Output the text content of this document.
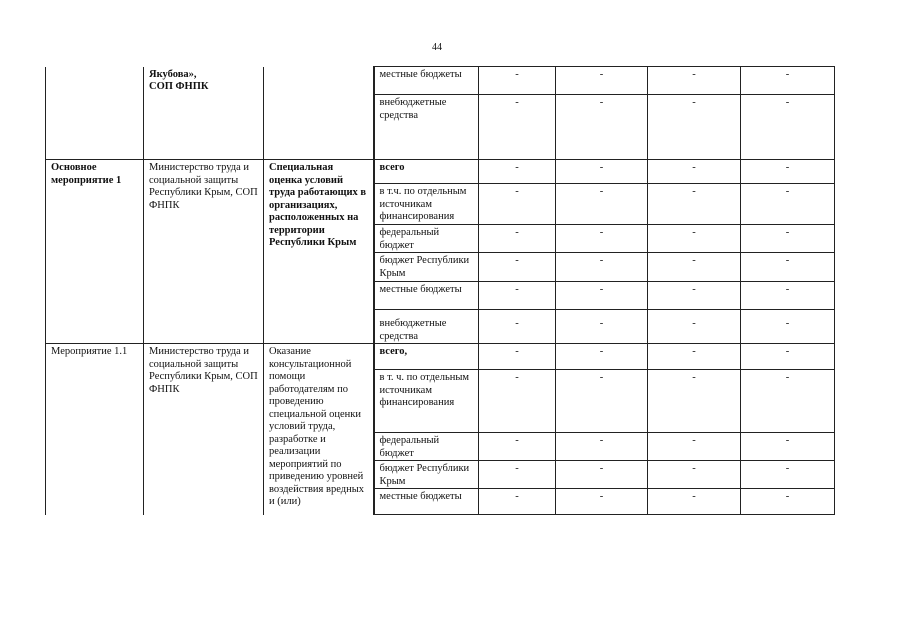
44
	Якубова»,
СОП ФНПК		местные бюджеты	-	-	-	-
			внебюджетные средства	-	-	-	-
Основное мероприятие 1	Министерство труда и социальной защиты Республики Крым, СОП ФНПК	Специальная оценка условий труда работающих в организациях, расположенных на территории Республики Крым	всего	-	-	-	-
			в т.ч. по отдельным источникам финансирования	-	-	-	-
			федеральный бюджет	-	-	-	-
			бюджет Республики Крым	-	-	-	-
			местные бюджеты	-	-	-	-
			внебюджетные средства	-	-	-	-
Мероприятие 1.1	Министерство труда и социальной защиты Республики Крым, СОП ФНПК	Оказание консультационной помощи работодателям по проведению специальной оценки условий труда, разработке и реализации мероприятий по приведению уровней воздействия вредных и (или)	всего,	-	-	-	-
			в т. ч. по отдельным источникам финансирования	-	-	-	-
			федеральный бюджет	-	-	-	-
			бюджет Республики Крым	-	-	-	-
			местные бюджеты	-	-	-	-
